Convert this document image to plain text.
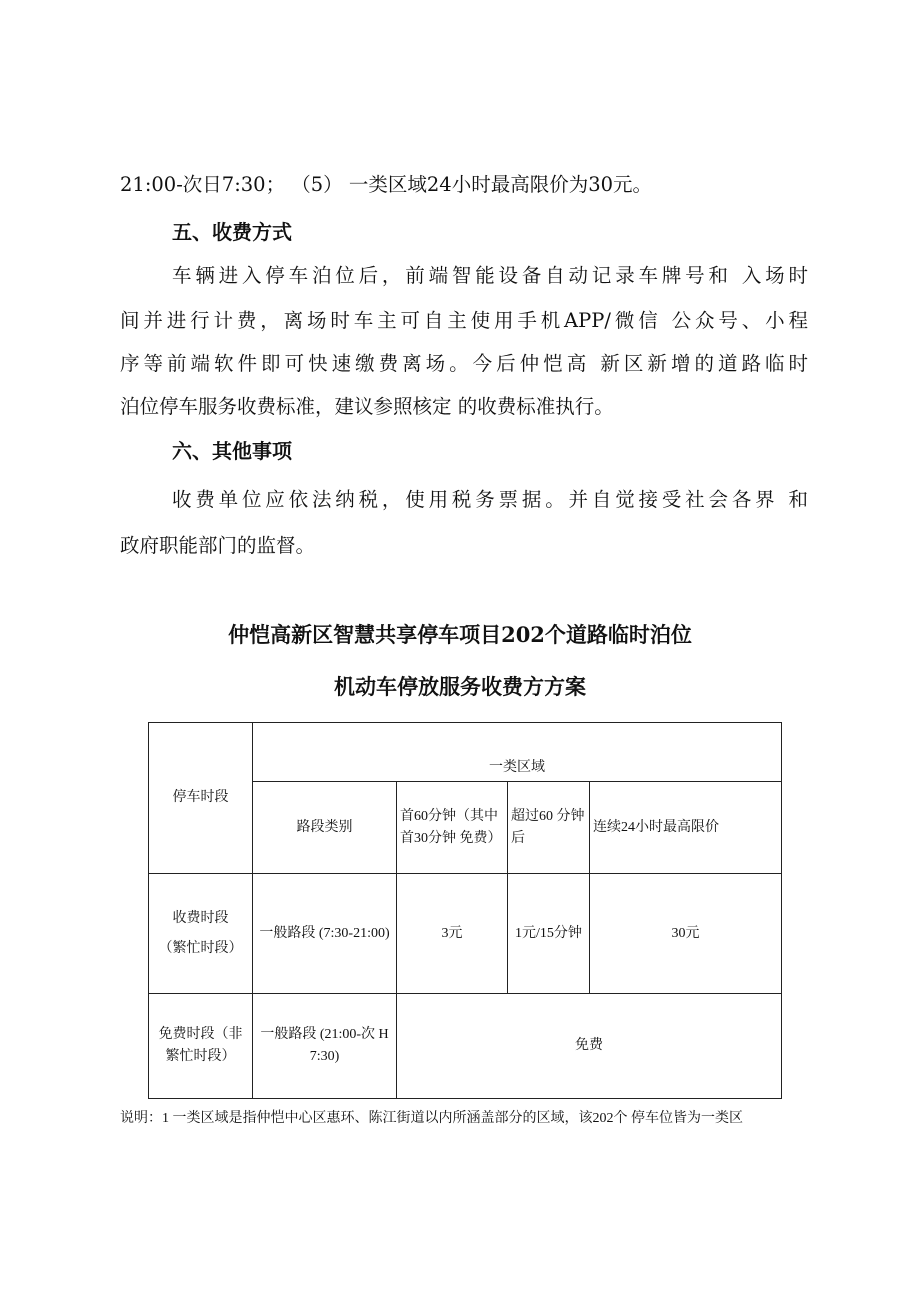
21:00-次日7:30； （5） 一类区域24小时最高限价为30元。
五、收费方式
车辆进入停车泊位后，前端智能设备自动记录车牌号和 入场时
间并进行计费，离场时车主可自主使用手机APP/微信 公众号、小程
序等前端软件即可快速缴费离场。今后仲恺高 新区新增的道路临时
泊位停车服务收费标准，建议参照核定 的收费标准执行。
六、其他事项
收费单位应依法纳税，使用税务票据。并自觉接受社会各界 和
政府职能部门的监督。
仲恺高新区智慧共享停车项目202个道路临时泊位
机动车停放服务收费方方案
停车时段	一类区域			
	路段类别	首60分钟（其中首30分钟 免费）	超过60 分钟后	连续24小时最高限价

收费时段
（繁忙时段）	一般路段 (7:30-21:00)	3元	1元/15分钟	30元
免费时段（非繁忙时段）	一般路段 (21:00-次 H 7:30)	免费		
说明：1 一类区域是指仲恺中心区惠环、陈江街道以内所涵盖部分的区域，该202个 停车位皆为一类区
